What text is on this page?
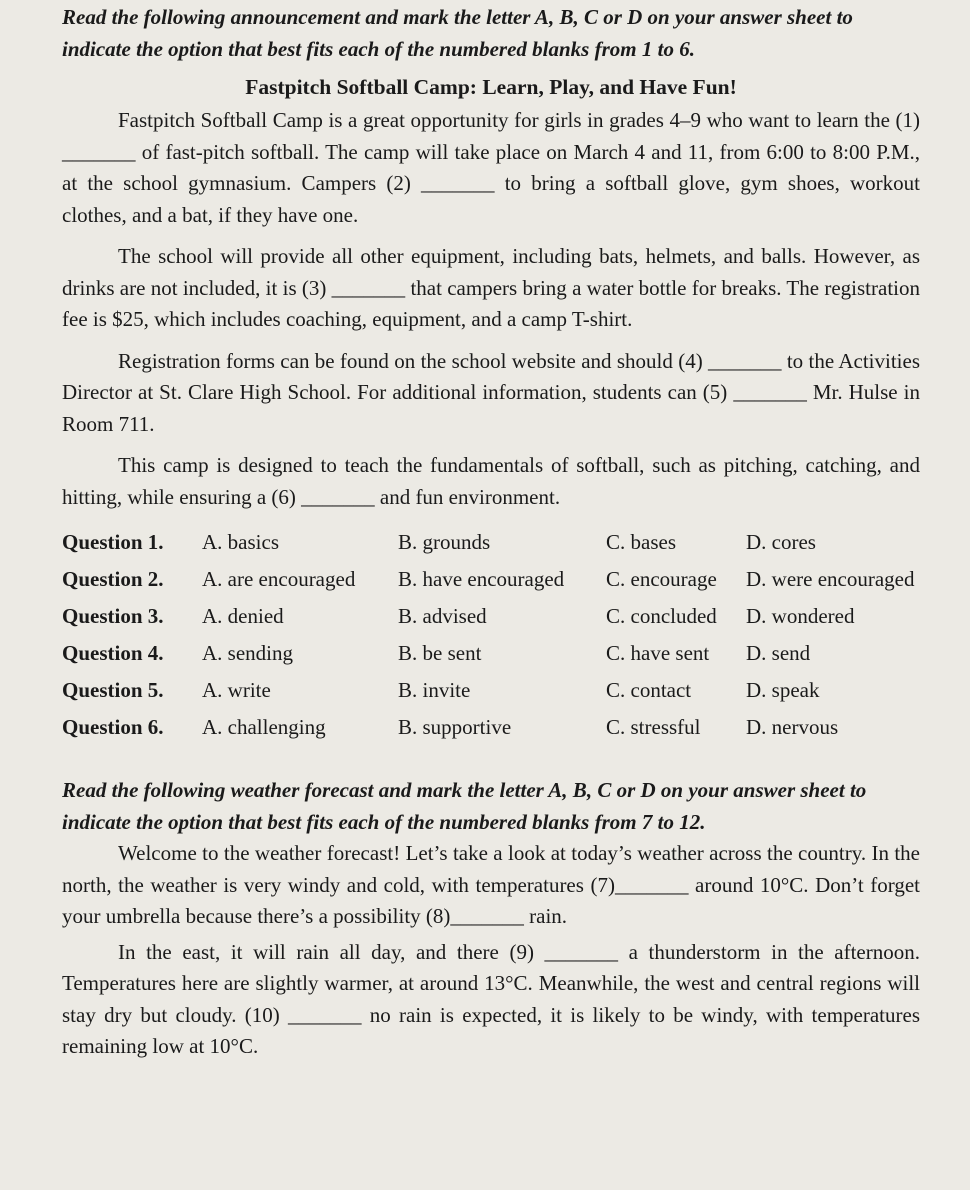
Read the following announcement and mark the letter A, B, C or D on your answer sheet to indicate the option that best fits each of the numbered blanks from 1 to 6.

Fastpitch Softball Camp: Learn, Play, and Have Fun!

Fastpitch Softball Camp is a great opportunity for girls in grades 4–9 who want to learn the (1) _______ of fast-pitch softball. The camp will take place on March 4 and 11, from 6:00 to 8:00 P.M., at the school gymnasium. Campers (2) _______ to bring a softball glove, gym shoes, workout clothes, and a bat, if they have one.

The school will provide all other equipment, including bats, helmets, and balls. However, as drinks are not included, it is (3) _______ that campers bring a water bottle for breaks. The registration fee is $25, which includes coaching, equipment, and a camp T-shirt.

Registration forms can be found on the school website and should (4) _______ to the Activities Director at St. Clare High School. For additional information, students can (5) _______ Mr. Hulse in Room 711.

This camp is designed to teach the fundamentals of softball, such as pitching, catching, and hitting, while ensuring a (6) _______ and fun environment.

Question 1.	A. basics	B. grounds	C. bases	D. cores
Question 2.	A. are encouraged	B. have encouraged	C. encourage	D. were encouraged
Question 3.	A. denied	B. advised	C. concluded	D. wondered
Question 4.	A. sending	B. be sent	C. have sent	D. send
Question 5.	A. write	B. invite	C. contact	D. speak
Question 6.	A. challenging	B. supportive	C. stressful	D. nervous

Read the following weather forecast and mark the letter A, B, C or D on your answer sheet to indicate the option that best fits each of the numbered blanks from 7 to 12.

Welcome to the weather forecast! Let’s take a look at today’s weather across the country. In the north, the weather is very windy and cold, with temperatures (7)_______ around 10°C. Don’t forget your umbrella because there’s a possibility (8)_______ rain.

In the east, it will rain all day, and there (9) _______ a thunderstorm in the afternoon. Temperatures here are slightly warmer, at around 13°C. Meanwhile, the west and central regions will stay dry but cloudy. (10) _______ no rain is expected, it is likely to be windy, with temperatures remaining low at 10°C.
